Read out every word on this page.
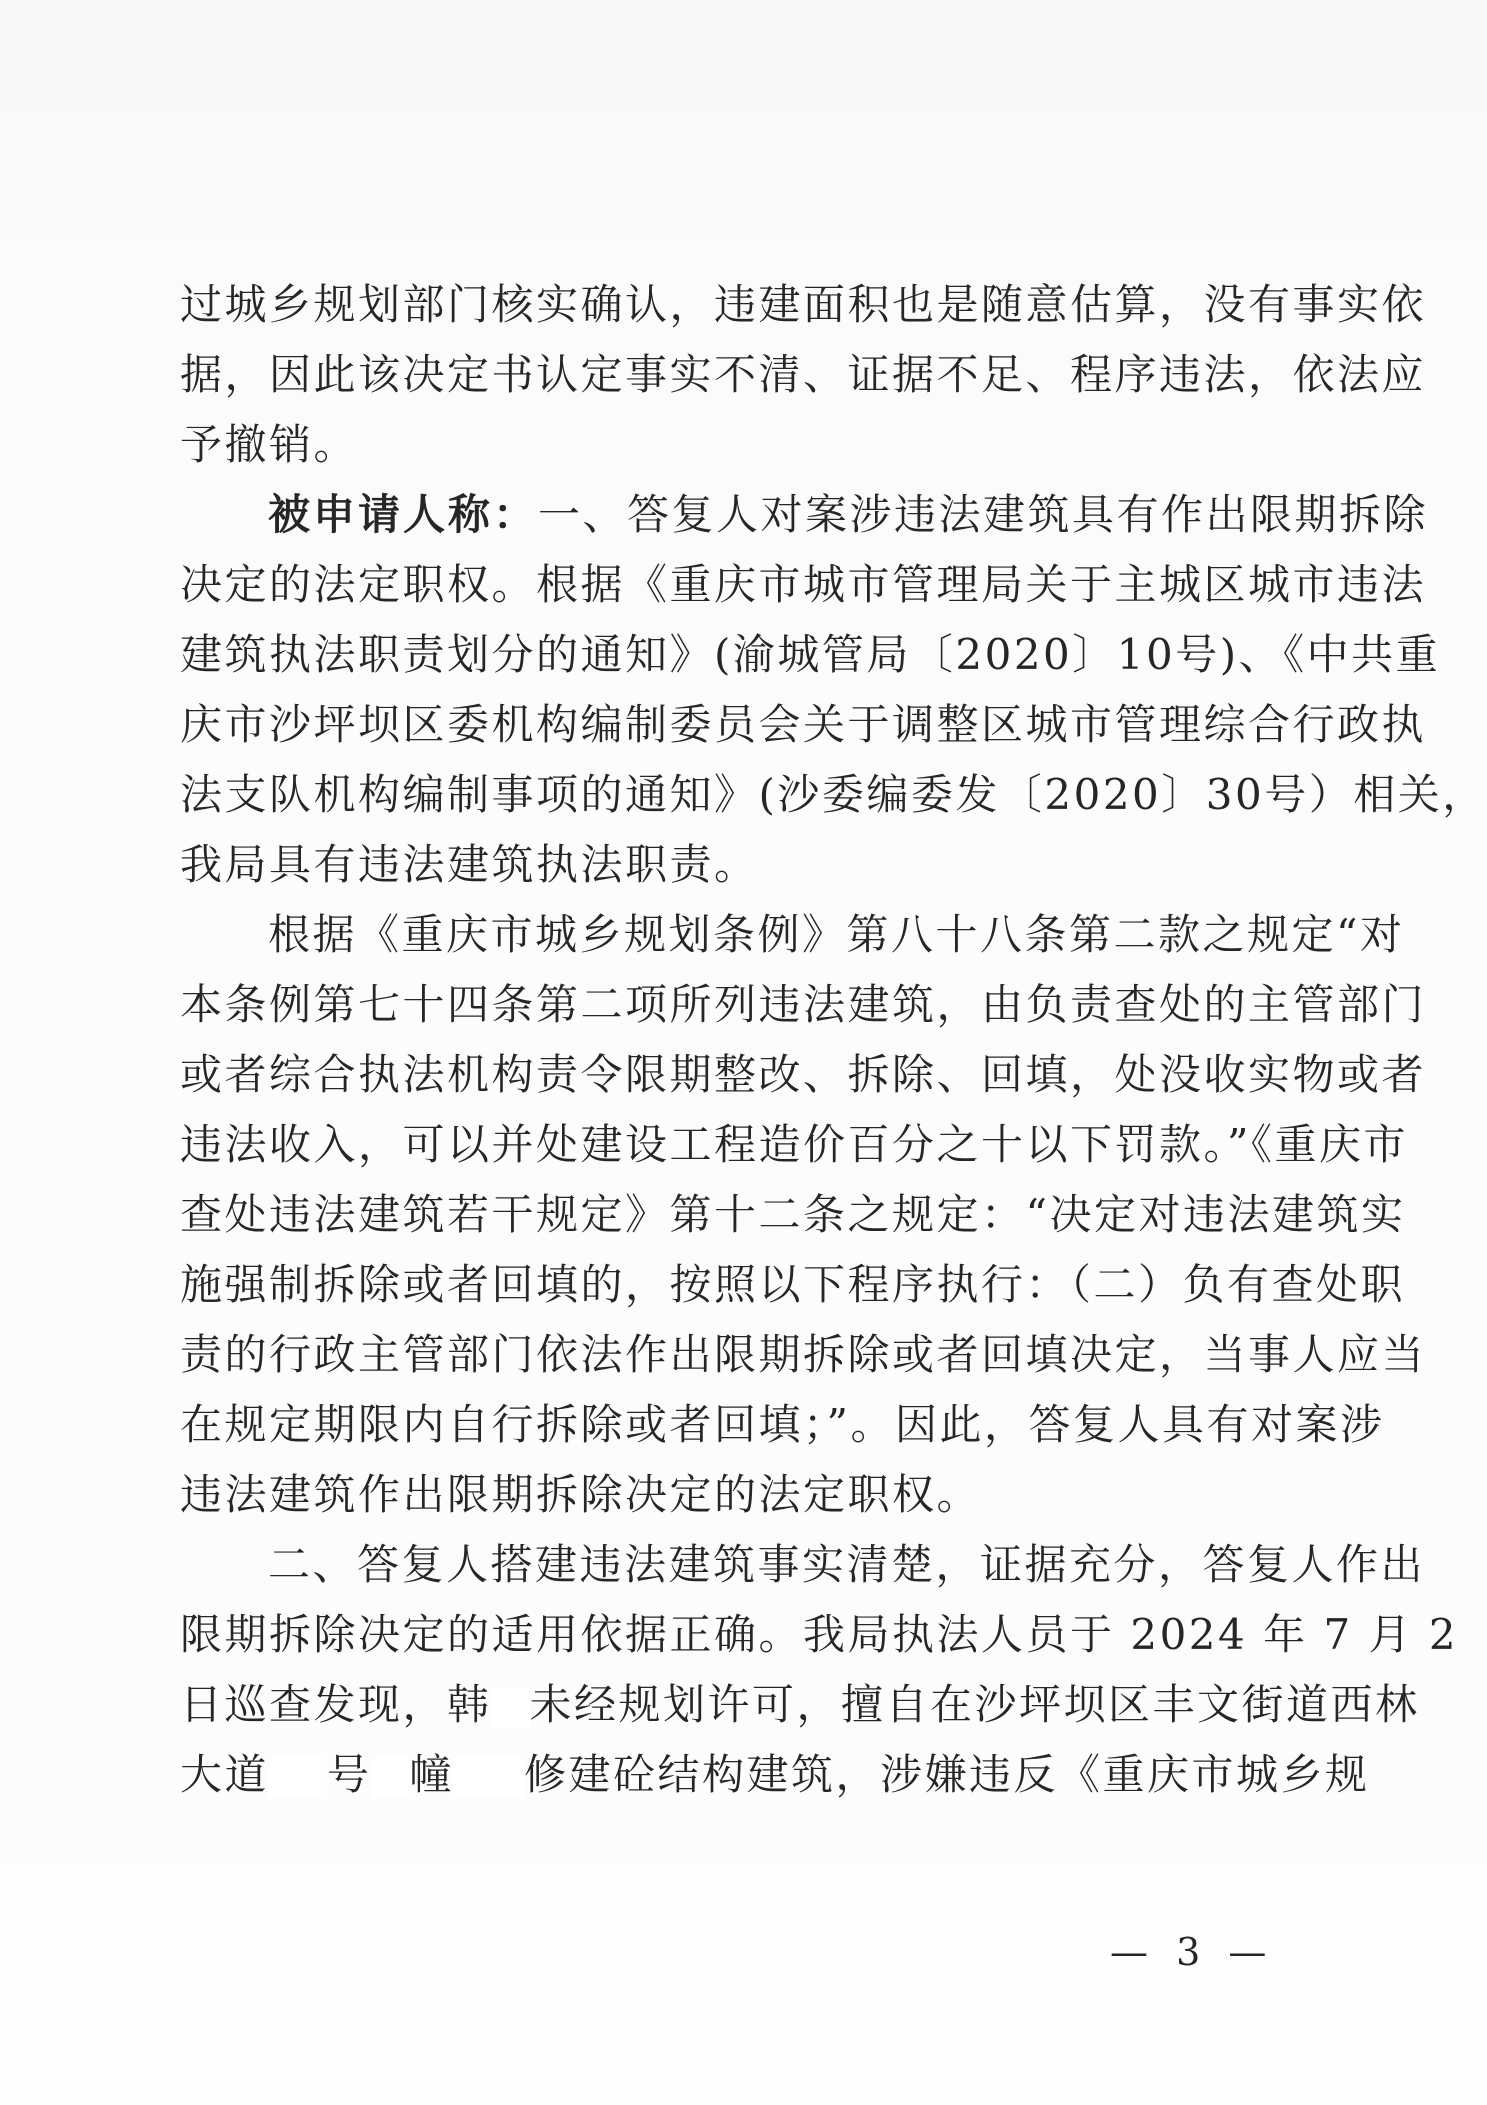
过城乡规划部门核实确认，违建面积也是随意估算，没有事实依
据，因此该决定书认定事实不清、证据不足、程序违法，依法应
予撤销。
被申请人称：一、答复人对案涉违法建筑具有作出限期拆除
决定的法定职权。根据《重庆市城市管理局关于主城区城市违法
建筑执法职责划分的通知》(渝城管局〔2020〕10号)、《中共重
庆市沙坪坝区委机构编制委员会关于调整区城市管理综合行政执
法支队机构编制事项的通知》(沙委编委发〔2020〕30号）相关，
我局具有违法建筑执法职责。
根据《重庆市城乡规划条例》第八十八条第二款之规定“对
本条例第七十四条第二项所列违法建筑，由负责查处的主管部门
或者综合执法机构责令限期整改、拆除、回填，处没收实物或者
违法收入，可以并处建设工程造价百分之十以下罚款。”《重庆市
查处违法建筑若干规定》第十二条之规定：“决定对违法建筑实
施强制拆除或者回填的，按照以下程序执行：（二）负有查处职
责的行政主管部门依法作出限期拆除或者回填决定，当事人应当
在规定期限内自行拆除或者回填；”。因此，答复人具有对案涉
违法建筑作出限期拆除决定的法定职权。
二、答复人搭建违法建筑事实清楚，证据充分，答复人作出
限期拆除决定的适用依据正确。我局执法人员于 2024 年 7 月 2
日巡查发现，韩 未经规划许可，擅自在沙坪坝区丰文街道西林
大道 号 幢 修建砼结构建筑，涉嫌违反《重庆市城乡规
— 3 —
